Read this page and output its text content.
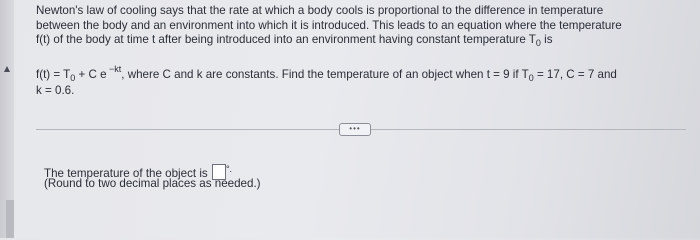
Newton's law of cooling says that the rate at which a body cools is proportional to the difference in temperature

between the body and an environment into which it is introduced. This leads to an equation where the temperature

f(t) of the body at time t after being introduced into an environment having constant temperature $T_0$ is

$f(t) = T_0 + C$ e $^{-kt}$, where C and k are constants. Find the temperature of an object when t = 9 if $T_0 = 17$, C = 7 and
k = 0.6.
•••
The temperature of the object is °.
(Round to two decimal places as needed.)
